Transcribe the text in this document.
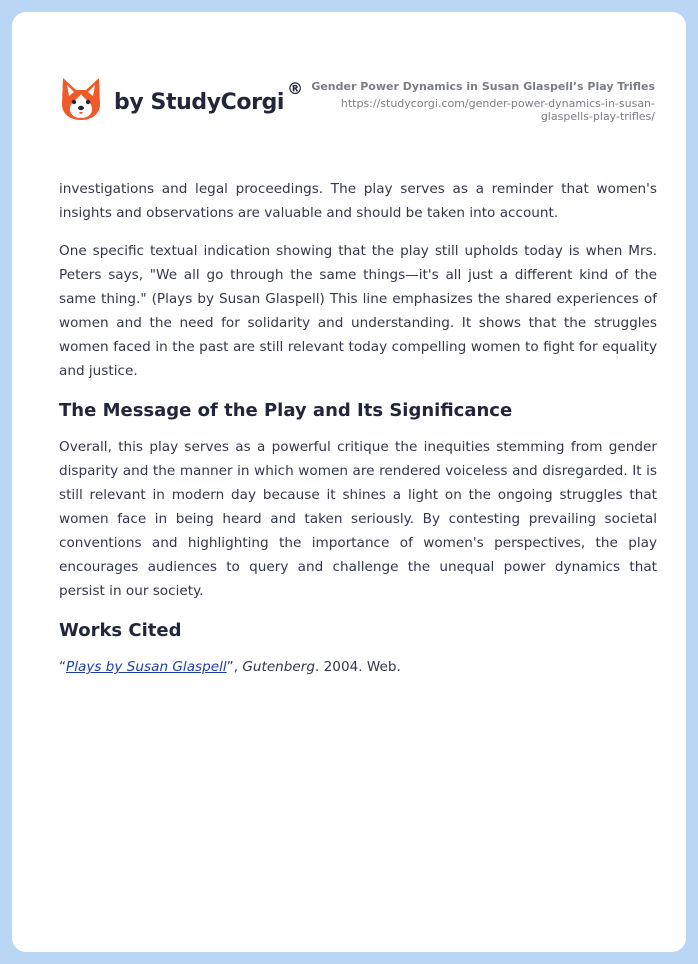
by StudyCorgi
® Gender Power Dynamics in Susan Glaspell’s Play Trifles
https://studycorgi.com/gender-power-dynamics-in-susan-glaspells-play-trifles/

investigations and legal proceedings. The play serves as a reminder that women's insights and observations are valuable and should be taken into account.

One specific textual indication showing that the play still upholds today is when Mrs. Peters says, "We all go through the same things—it's all just a different kind of the same thing." (Plays by Susan Glaspell) This line emphasizes the shared experiences of women and the need for solidarity and understanding. It shows that the struggles women faced in the past are still relevant today compelling women to fight for equality and justice.

The Message of the Play and Its Significance

Overall, this play serves as a powerful critique the inequities stemming from gender disparity and the manner in which women are rendered voiceless and disregarded. It is still relevant in modern day because it shines a light on the ongoing struggles that women face in being heard and taken seriously. By contesting prevailing societal conventions and highlighting the importance of women's perspectives, the play encourages audiences to query and challenge the unequal power dynamics that persist in our society.

Works Cited

“Plays by Susan Glaspell”, Gutenberg. 2004. Web.
